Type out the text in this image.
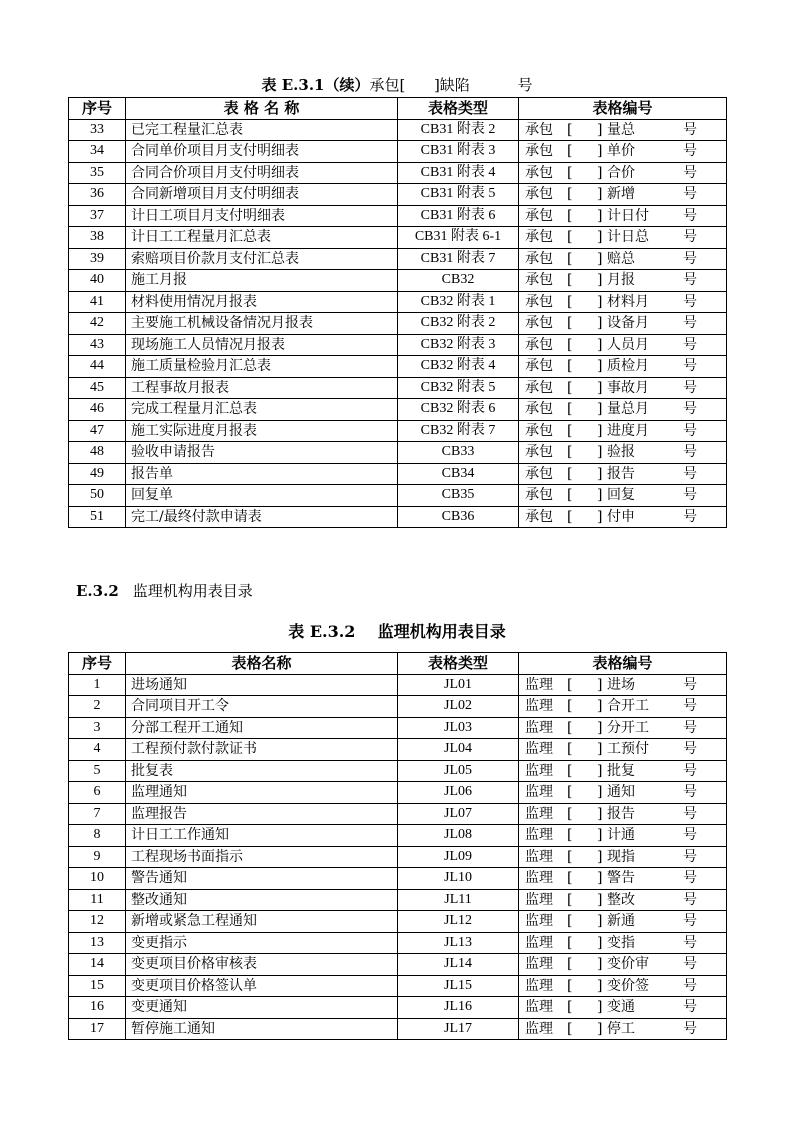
表 E.3.1（续）承包[      ]缺陷          号
序号	表 格 名 称	表格类型	表格编号
33	已完工程量汇总表	CB31 附表 2	承包 [ ] 量总 号
34	合同单价项目月支付明细表	CB31 附表 3	承包 [ ] 单价 号
35	合同合价项目月支付明细表	CB31 附表 4	承包 [ ] 合价 号
36	合同新增项目月支付明细表	CB31 附表 5	承包 [ ] 新增 号
37	计日工项目月支付明细表	CB31 附表 6	承包 [ ] 计日付 号
38	计日工工程量月汇总表	CB31 附表 6-1	承包 [ ] 计日总 号
39	索赔项目价款月支付汇总表	CB31 附表 7	承包 [ ] 赔总 号
40	施工月报	CB32	承包 [ ] 月报 号
41	材料使用情况月报表	CB32 附表 1	承包 [ ] 材料月 号
42	主要施工机械设备情况月报表	CB32 附表 2	承包 [ ] 设备月 号
43	现场施工人员情况月报表	CB32 附表 3	承包 [ ] 人员月 号
44	施工质量检验月汇总表	CB32 附表 4	承包 [ ] 质检月 号
45	工程事故月报表	CB32 附表 5	承包 [ ] 事故月 号
46	完成工程量月汇总表	CB32 附表 6	承包 [ ] 量总月 号
47	施工实际进度月报表	CB32 附表 7	承包 [ ] 进度月 号
48	验收申请报告	CB33	承包 [ ] 验报 号
49	报告单	CB34	承包 [ ] 报告 号
50	回复单	CB35	承包 [ ] 回复 号
51	完工/最终付款申请表	CB36	承包 [ ] 付申 号
E.3.2 监理机构用表目录
表 E.3.2    监理机构用表目录
序号	表格名称	表格类型	表格编号
1	进场通知	JL01	监理 [ ] 进场 号
2	合同项目开工令	JL02	监理 [ ] 合开工 号
3	分部工程开工通知	JL03	监理 [ ] 分开工 号
4	工程预付款付款证书	JL04	监理 [ ] 工预付 号
5	批复表	JL05	监理 [ ] 批复 号
6	监理通知	JL06	监理 [ ] 通知 号
7	监理报告	JL07	监理 [ ] 报告 号
8	计日工工作通知	JL08	监理 [ ] 计通 号
9	工程现场书面指示	JL09	监理 [ ] 现指 号
10	警告通知	JL10	监理 [ ] 警告 号
11	整改通知	JL11	监理 [ ] 整改 号
12	新增或紧急工程通知	JL12	监理 [ ] 新通 号
13	变更指示	JL13	监理 [ ] 变指 号
14	变更项目价格审核表	JL14	监理 [ ] 变价审 号
15	变更项目价格签认单	JL15	监理 [ ] 变价签 号
16	变更通知	JL16	监理 [ ] 变通 号
17	暂停施工通知	JL17	监理 [ ] 停工 号
